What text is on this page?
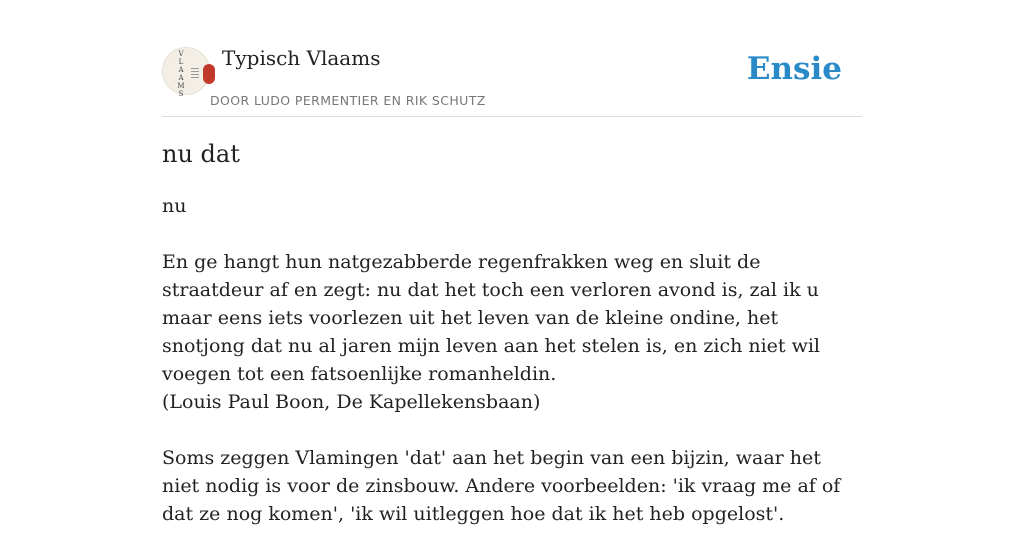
V
L
A
A
M
S
Typisch Vlaams
DOOR LUDO PERMENTIER EN RIK SCHUTZ
Ensie
nu dat

nu

En ge hangt hun natgezabberde regenfrakken weg en sluit de straatdeur af en zegt: nu dat het toch een verloren avond is, zal ik u maar eens iets voorlezen uit het leven van de kleine ondine, het snotjong dat nu al jaren mijn leven aan het stelen is, en zich niet wil voegen tot een fatsoenlijke romanheldin.
(Louis Paul Boon, De Kapellekensbaan)

Soms zeggen Vlamingen 'dat' aan het begin van een bijzin, waar het niet nodig is voor de zinsbouw. Andere voorbeelden: 'ik vraag me af of dat ze nog komen', 'ik wil uitleggen hoe dat ik het heb opgelost'.
